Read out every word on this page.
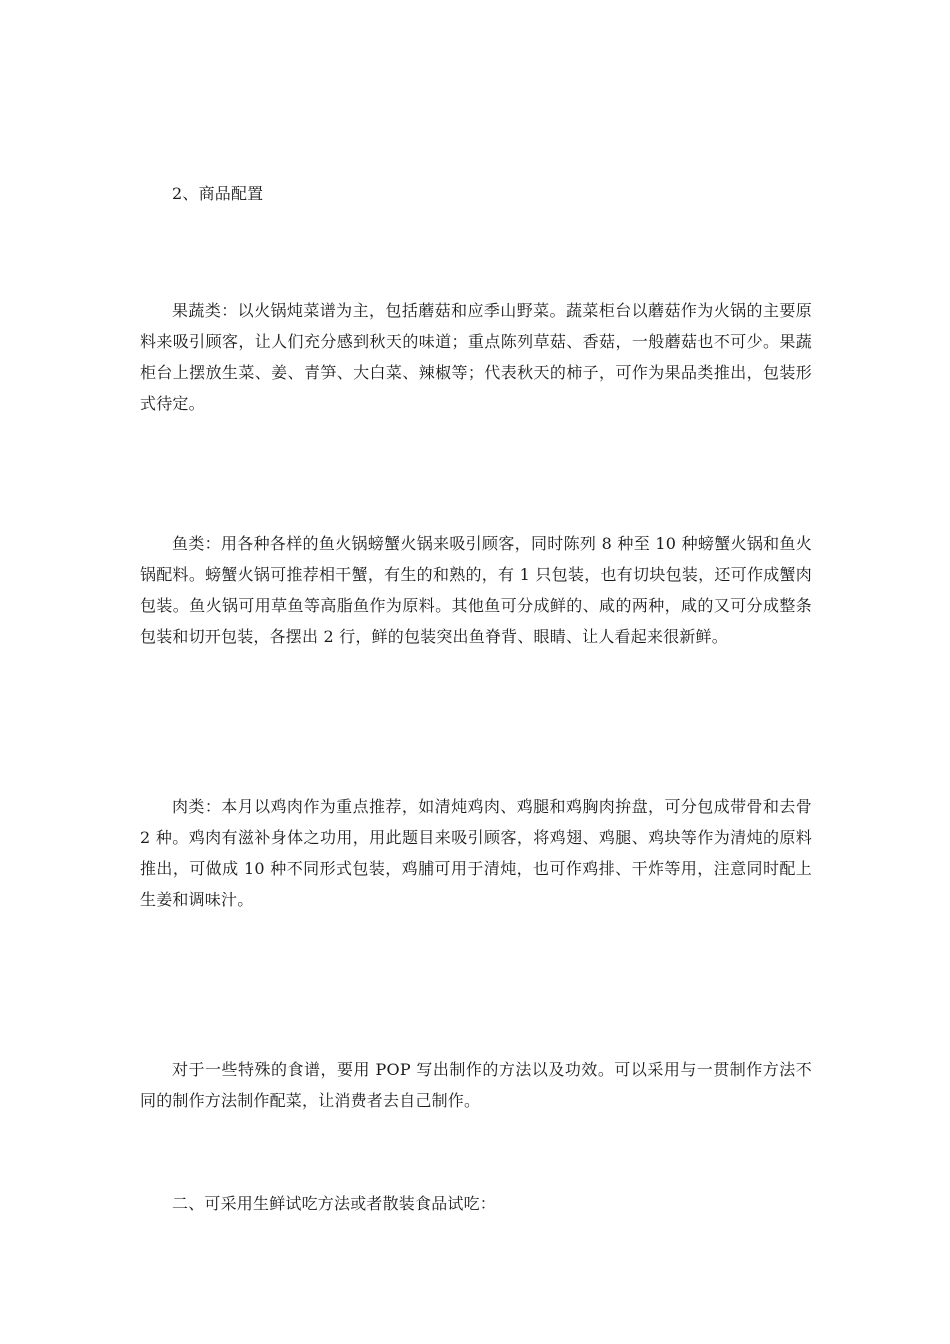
2、商品配置

果蔬类：以火锅炖菜谱为主，包括蘑菇和应季山野菜。蔬菜柜台以蘑菇作为火锅的主要原料来吸引顾客，让人们充分感到秋天的味道；重点陈列草菇、香菇，一般蘑菇也不可少。果蔬柜台上摆放生菜、姜、青笋、大白菜、辣椒等；代表秋天的柿子，可作为果品类推出，包装形式待定。

鱼类：用各种各样的鱼火锅螃蟹火锅来吸引顾客，同时陈列 8 种至 10 种螃蟹火锅和鱼火锅配料。螃蟹火锅可推荐相干蟹，有生的和熟的，有 1 只包装，也有切块包装，还可作成蟹肉包装。鱼火锅可用草鱼等高脂鱼作为原料。其他鱼可分成鲜的、咸的两种，咸的又可分成整条包装和切开包装，各摆出 2 行，鲜的包装突出鱼脊背、眼睛、让人看起来很新鲜。

肉类：本月以鸡肉作为重点推荐，如清炖鸡肉、鸡腿和鸡胸肉拚盘，可分包成带骨和去骨 2 种。鸡肉有滋补身体之功用，用此题目来吸引顾客，将鸡翅、鸡腿、鸡块等作为清炖的原料推出，可做成 10 种不同形式包装，鸡脯可用于清炖，也可作鸡排、干炸等用，注意同时配上生姜和调味汁。

对于一些特殊的食谱，要用 POP 写出制作的方法以及功效。可以采用与一贯制作方法不同的制作方法制作配菜，让消费者去自己制作。

二、可采用生鲜试吃方法或者散装食品试吃：
